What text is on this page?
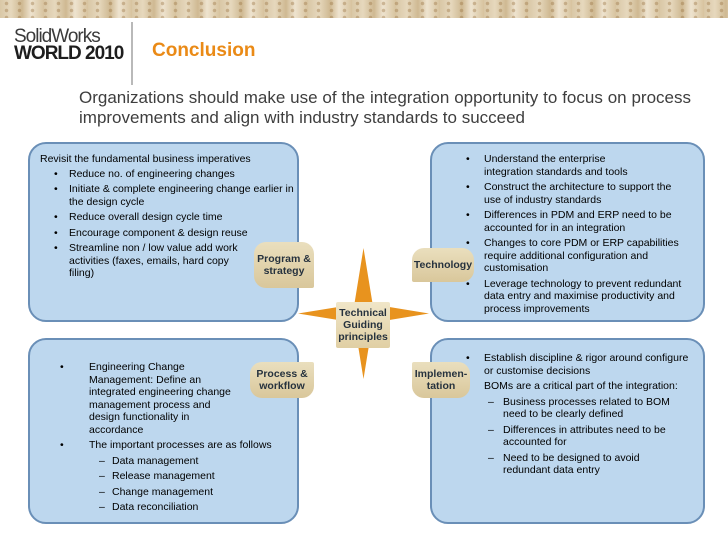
SolidWorks
WORLD 2010 Conclusion
Organizations should make use of the integration opportunity to focus on process improvements and align with industry standards to succeed
Revisit the fundamental business imperatives
• Reduce no. of engineering changes
• Initiate & complete engineering change earlier in the design cycle
• Reduce overall design cycle time
• Encourage component & design reuse
• Streamline non / low value add work activities (faxes, emails, hard copy filing)
• Understand the enterprise integration standards and tools
• Construct the architecture to support the use of industry standards
• Differences in PDM and ERP need to be accounted for in an integration
• Changes to core PDM or ERP capabilities require additional configuration and customisation
• Leverage technology to prevent redundant data entry and maximise productivity and process improvements
• Engineering Change Management: Define an integrated engineering change management process and design functionality in accordance
• The important processes are as follows
– Data management
– Release management
– Change management
– Data reconciliation
• Establish discipline & rigor around configure or customise decisions
• BOMs are a critical part of the integration:
– Business processes related to BOM need to be clearly defined
– Differences in attributes need to be accounted for
– Need to be designed to avoid redundant data entry
Program & strategy	Technology
Process & workflow
Implemen-tation
Technical Guiding principles
